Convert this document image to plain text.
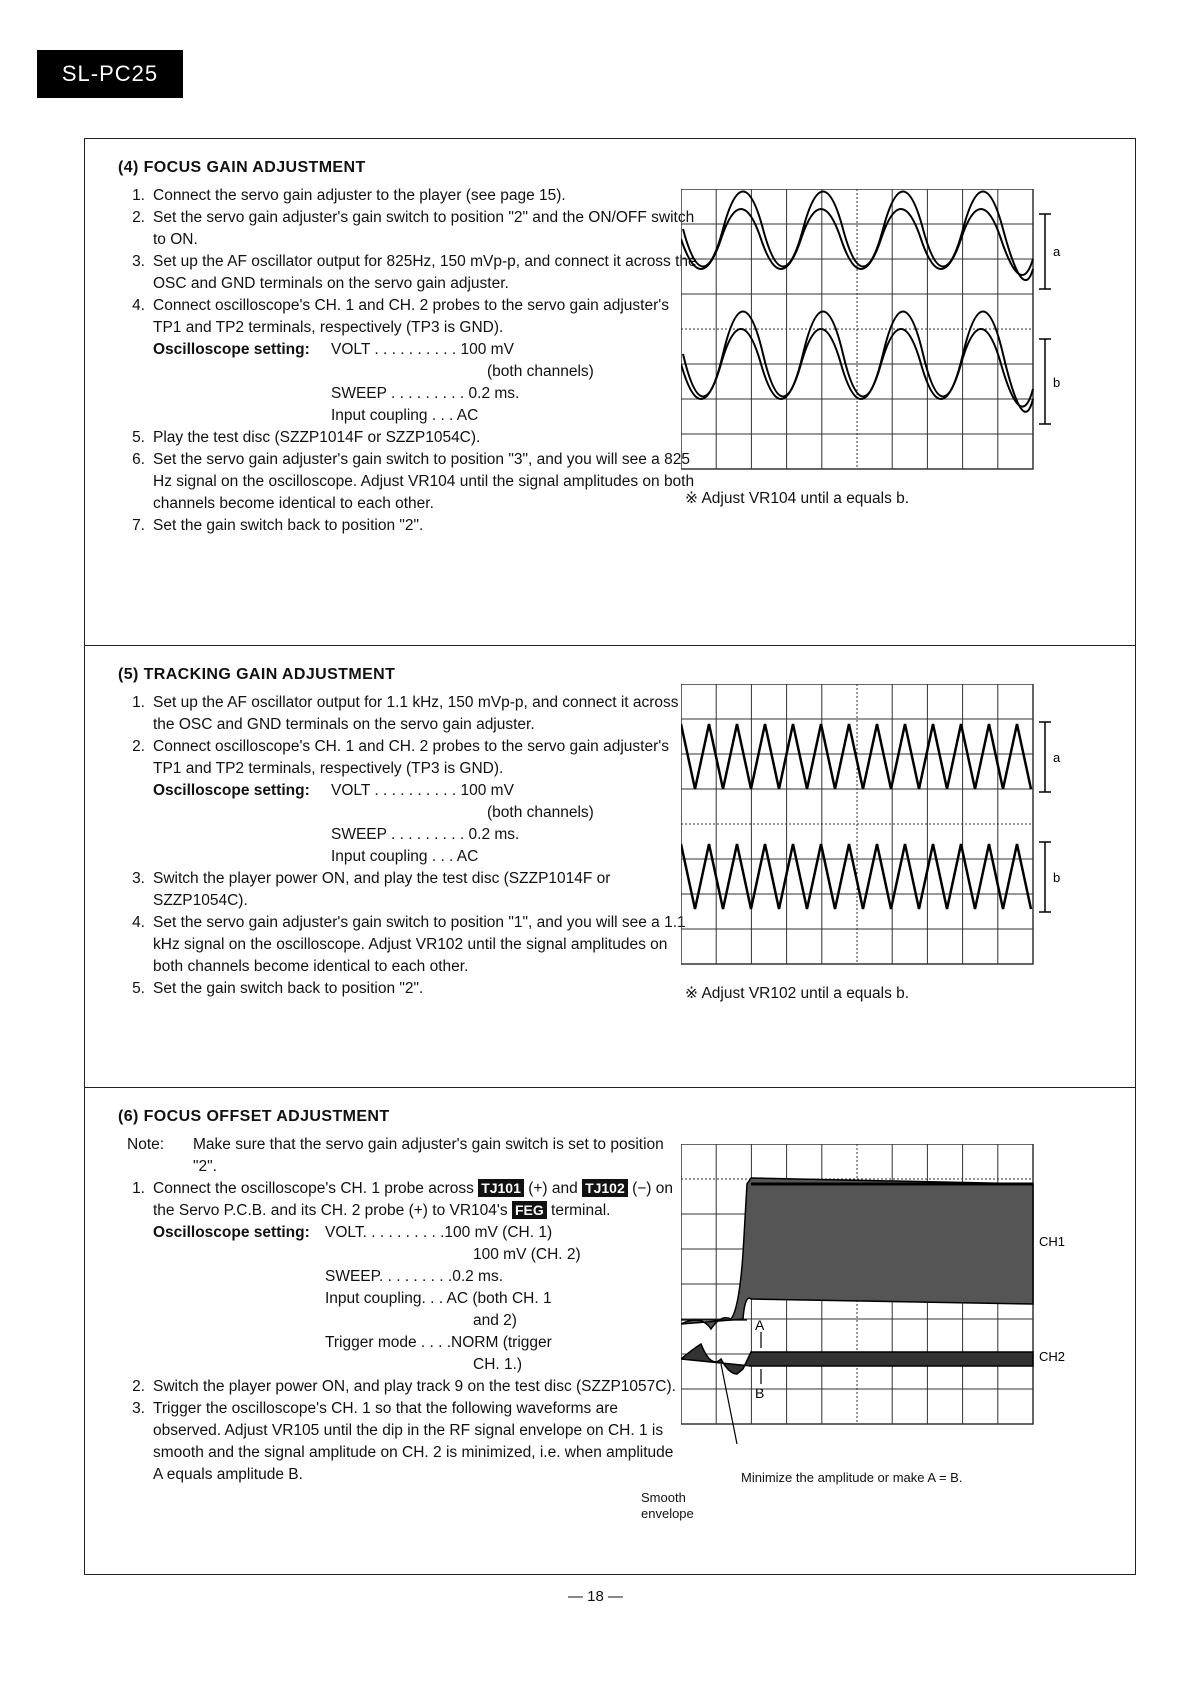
SL-PC25
(4) FOCUS GAIN ADJUSTMENT
1. Connect the servo gain adjuster to the player (see page 15).
2. Set the servo gain adjuster's gain switch to position "2" and the ON/OFF switch to ON.
3. Set up the AF oscillator output for 825Hz, 150 mVp-p, and connect it across the OSC and GND terminals on the servo gain adjuster.
4. Connect oscilloscope's CH. 1 and CH. 2 probes to the servo gain adjuster's TP1 and TP2 terminals, respectively (TP3 is GND).
Oscilloscope setting:	VOLT . . . . . . . . . . 100 mV
(both channels)
SWEEP . . . . . . . . . 0.2 ms.
Input coupling . . . AC
5. Play the test disc (SZZP1014F or SZZP1054C).
6. Set the servo gain adjuster's gain switch to position "3", and you will see a 825 Hz signal on the oscilloscope. Adjust VR104 until the signal amplitudes on both channels become identical to each other.
7. Set the gain switch back to position "2".
a
b
※ Adjust VR104 until a equals b.
(5) TRACKING GAIN ADJUSTMENT
1. Set up the AF oscillator output for 1.1 kHz, 150 mVp-p, and connect it across the OSC and GND terminals on the servo gain adjuster.
2. Connect oscilloscope's CH. 1 and CH. 2 probes to the servo gain adjuster's TP1 and TP2 terminals, respectively (TP3 is GND).
Oscilloscope setting:	VOLT . . . . . . . . . . 100 mV
(both channels)
SWEEP . . . . . . . . . 0.2 ms.
Input coupling . . . AC
3. Switch the player power ON, and play the test disc (SZZP1014F or SZZP1054C).
4. Set the servo gain adjuster's gain switch to position "1", and you will see a 1.1 kHz signal on the oscilloscope. Adjust VR102 until the signal amplitudes on both channels become identical to each other.
5. Set the gain switch back to position "2".
a
b
※ Adjust VR102 until a equals b.
(6) FOCUS OFFSET ADJUSTMENT
Note:	Make sure that the servo gain adjuster's gain switch is set to position "2".
1. Connect the oscilloscope's CH. 1 probe across TJ101 (+) and TJ102 (−) on the Servo P.C.B. and its CH. 2 probe (+) to VR104's FEG terminal.
Oscilloscope setting: VOLT. . . . . . . . . .100 mV (CH. 1)
100 mV (CH. 2)
SWEEP. . . . . . . . .0.2 ms.
Input coupling. . . AC (both CH. 1
and 2)
Trigger mode . . . .NORM (trigger
CH. 1.)
2. Switch the player power ON, and play track 9 on the test disc (SZZP1057C).
3. Trigger the oscilloscope's CH. 1 so that the following waveforms are observed. Adjust VR105 until the dip in the RF signal envelope on CH. 1 is smooth and the signal amplitude on CH. 2 is minimized, i.e. when amplitude A equals amplitude B.
A
B
CH1
CH2
Minimize the amplitude or make A = B.
Smooth
envelope
— 18 —
